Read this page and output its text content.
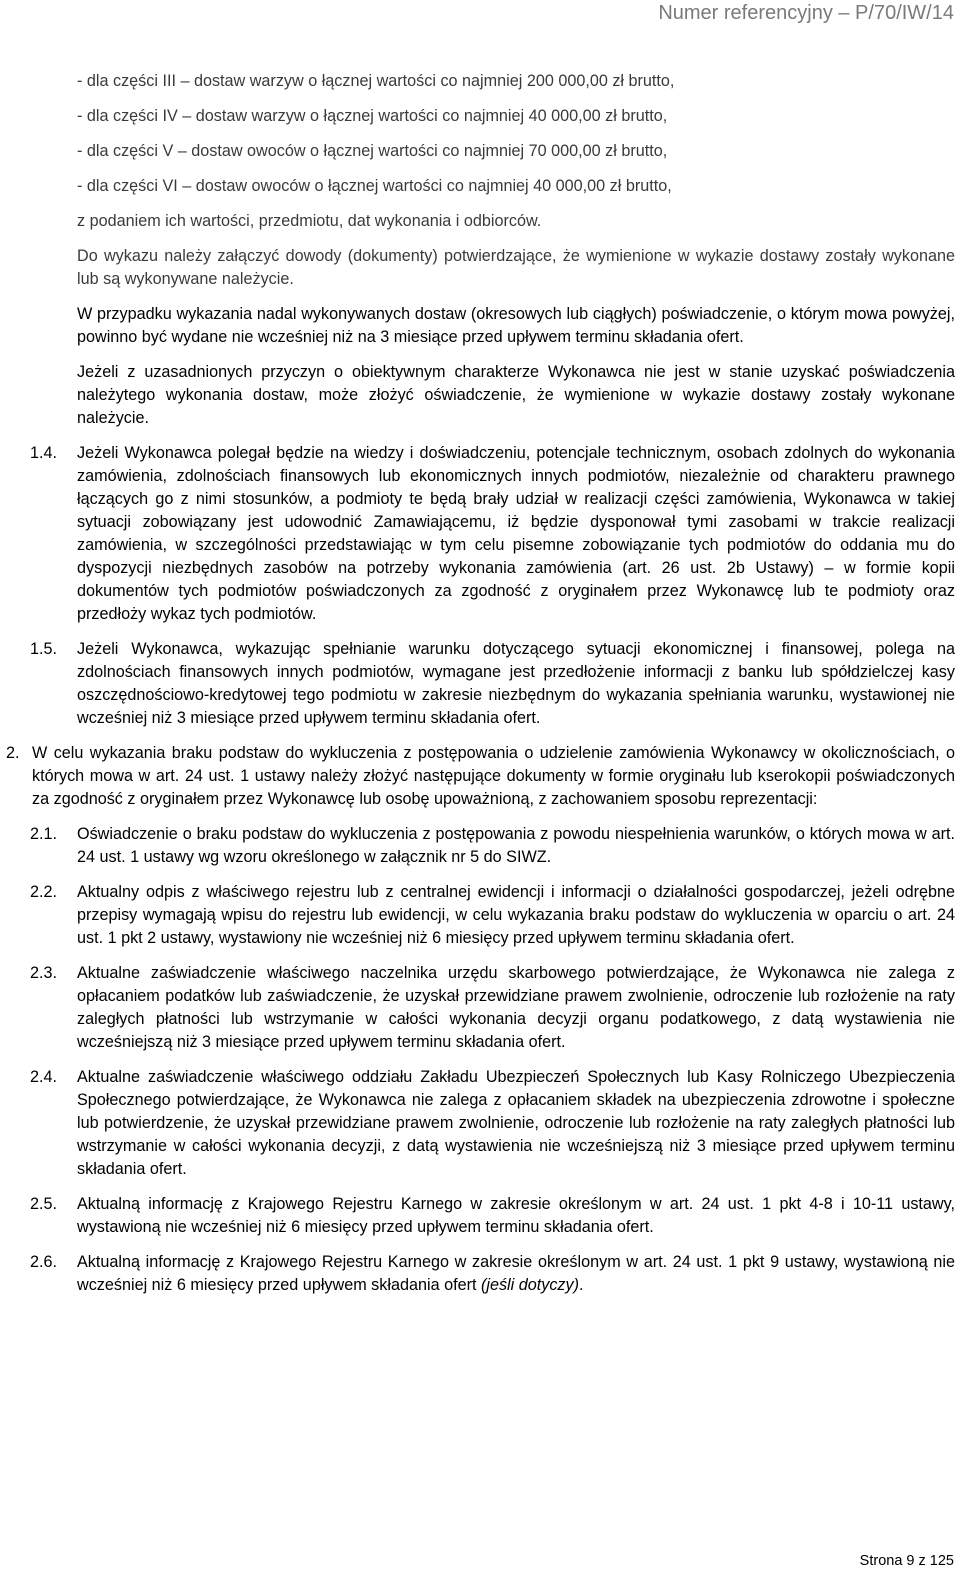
Numer referencyjny – P/70/IW/14
- dla części III – dostaw warzyw o łącznej wartości co najmniej 200 000,00 zł brutto,
- dla części IV – dostaw warzyw o łącznej wartości co najmniej 40 000,00 zł brutto,
- dla części V – dostaw owoców o łącznej wartości co najmniej 70 000,00 zł brutto,
- dla części VI – dostaw owoców o łącznej wartości co najmniej 40 000,00 zł brutto,
z podaniem ich wartości, przedmiotu, dat wykonania i odbiorców.
Do wykazu należy załączyć dowody (dokumenty) potwierdzające, że wymienione w wykazie dostawy zostały wykonane lub są wykonywane należycie.
W przypadku wykazania nadal wykonywanych dostaw (okresowych lub ciągłych) poświadczenie, o którym mowa powyżej, powinno być wydane nie wcześniej niż na 3 miesiące przed upływem terminu składania ofert.
Jeżeli z uzasadnionych przyczyn o obiektywnym charakterze Wykonawca nie jest w stanie uzyskać poświadczenia należytego wykonania dostaw, może złożyć oświadczenie, że wymienione w wykazie dostawy zostały wykonane należycie.
1.4. Jeżeli Wykonawca polegał będzie na wiedzy i doświadczeniu, potencjale technicznym, osobach zdolnych do wykonania zamówienia, zdolnościach finansowych lub ekonomicznych innych podmiotów, niezależnie od charakteru prawnego łączących go z nimi stosunków, a podmioty te będą brały udział w realizacji części zamówienia, Wykonawca w takiej sytuacji zobowiązany jest udowodnić Zamawiającemu, iż będzie dysponował tymi zasobami w trakcie realizacji zamówienia, w szczególności przedstawiając w tym celu pisemne zobowiązanie tych podmiotów do oddania mu do dyspozycji niezbędnych zasobów na potrzeby wykonania zamówienia (art. 26 ust. 2b Ustawy) – w formie kopii dokumentów tych podmiotów poświadczonych za zgodność z oryginałem przez Wykonawcę lub te podmioty oraz przedłoży wykaz tych podmiotów.
1.5. Jeżeli Wykonawca, wykazując spełnianie warunku dotyczącego sytuacji ekonomicznej i finansowej, polega na zdolnościach finansowych innych podmiotów, wymagane jest przedłożenie informacji z banku lub spółdzielczej kasy oszczędnościowo-kredytowej tego podmiotu w zakresie niezbędnym do wykazania spełniania warunku, wystawionej nie wcześniej niż 3 miesiące przed upływem terminu składania ofert.
2. W celu wykazania braku podstaw do wykluczenia z postępowania o udzielenie zamówienia Wykonawcy w okolicznościach, o których mowa w art. 24 ust. 1 ustawy należy złożyć następujące dokumenty w formie oryginału lub kserokopii poświadczonych za zgodność z oryginałem przez Wykonawcę lub osobę upoważnioną, z zachowaniem sposobu reprezentacji:
2.1. Oświadczenie o braku podstaw do wykluczenia z postępowania z powodu niespełnienia warunków, o których mowa w art. 24 ust. 1 ustawy wg wzoru określonego w załącznik nr 5 do SIWZ.
2.2. Aktualny odpis z właściwego rejestru lub z centralnej ewidencji i informacji o działalności gospodarczej, jeżeli odrębne przepisy wymagają wpisu do rejestru lub ewidencji, w celu wykazania braku podstaw do wykluczenia w oparciu o art. 24 ust. 1 pkt 2 ustawy, wystawiony nie wcześniej niż 6 miesięcy przed upływem terminu składania ofert.
2.3. Aktualne zaświadczenie właściwego naczelnika urzędu skarbowego potwierdzające, że Wykonawca nie zalega z opłacaniem podatków lub zaświadczenie, że uzyskał przewidziane prawem zwolnienie, odroczenie lub rozłożenie na raty zaległych płatności lub wstrzymanie w całości wykonania decyzji organu podatkowego, z datą wystawienia nie wcześniejszą niż 3 miesiące przed upływem terminu składania ofert.
2.4. Aktualne zaświadczenie właściwego oddziału Zakładu Ubezpieczeń Społecznych lub Kasy Rolniczego Ubezpieczenia Społecznego potwierdzające, że Wykonawca nie zalega z opłacaniem składek na ubezpieczenia zdrowotne i społeczne lub potwierdzenie, że uzyskał przewidziane prawem zwolnienie, odroczenie lub rozłożenie na raty zaległych płatności lub wstrzymanie w całości wykonania decyzji, z datą wystawienia nie wcześniejszą niż 3 miesiące przed upływem terminu składania ofert.
2.5. Aktualną informację z Krajowego Rejestru Karnego w zakresie określonym w art. 24 ust. 1 pkt 4-8 i 10-11 ustawy, wystawioną nie wcześniej niż 6 miesięcy przed upływem terminu składania ofert.
2.6. Aktualną informację z Krajowego Rejestru Karnego w zakresie określonym w art. 24 ust. 1 pkt 9 ustawy, wystawioną nie wcześniej niż 6 miesięcy przed upływem składania ofert (jeśli dotyczy).
Strona 9 z 125
